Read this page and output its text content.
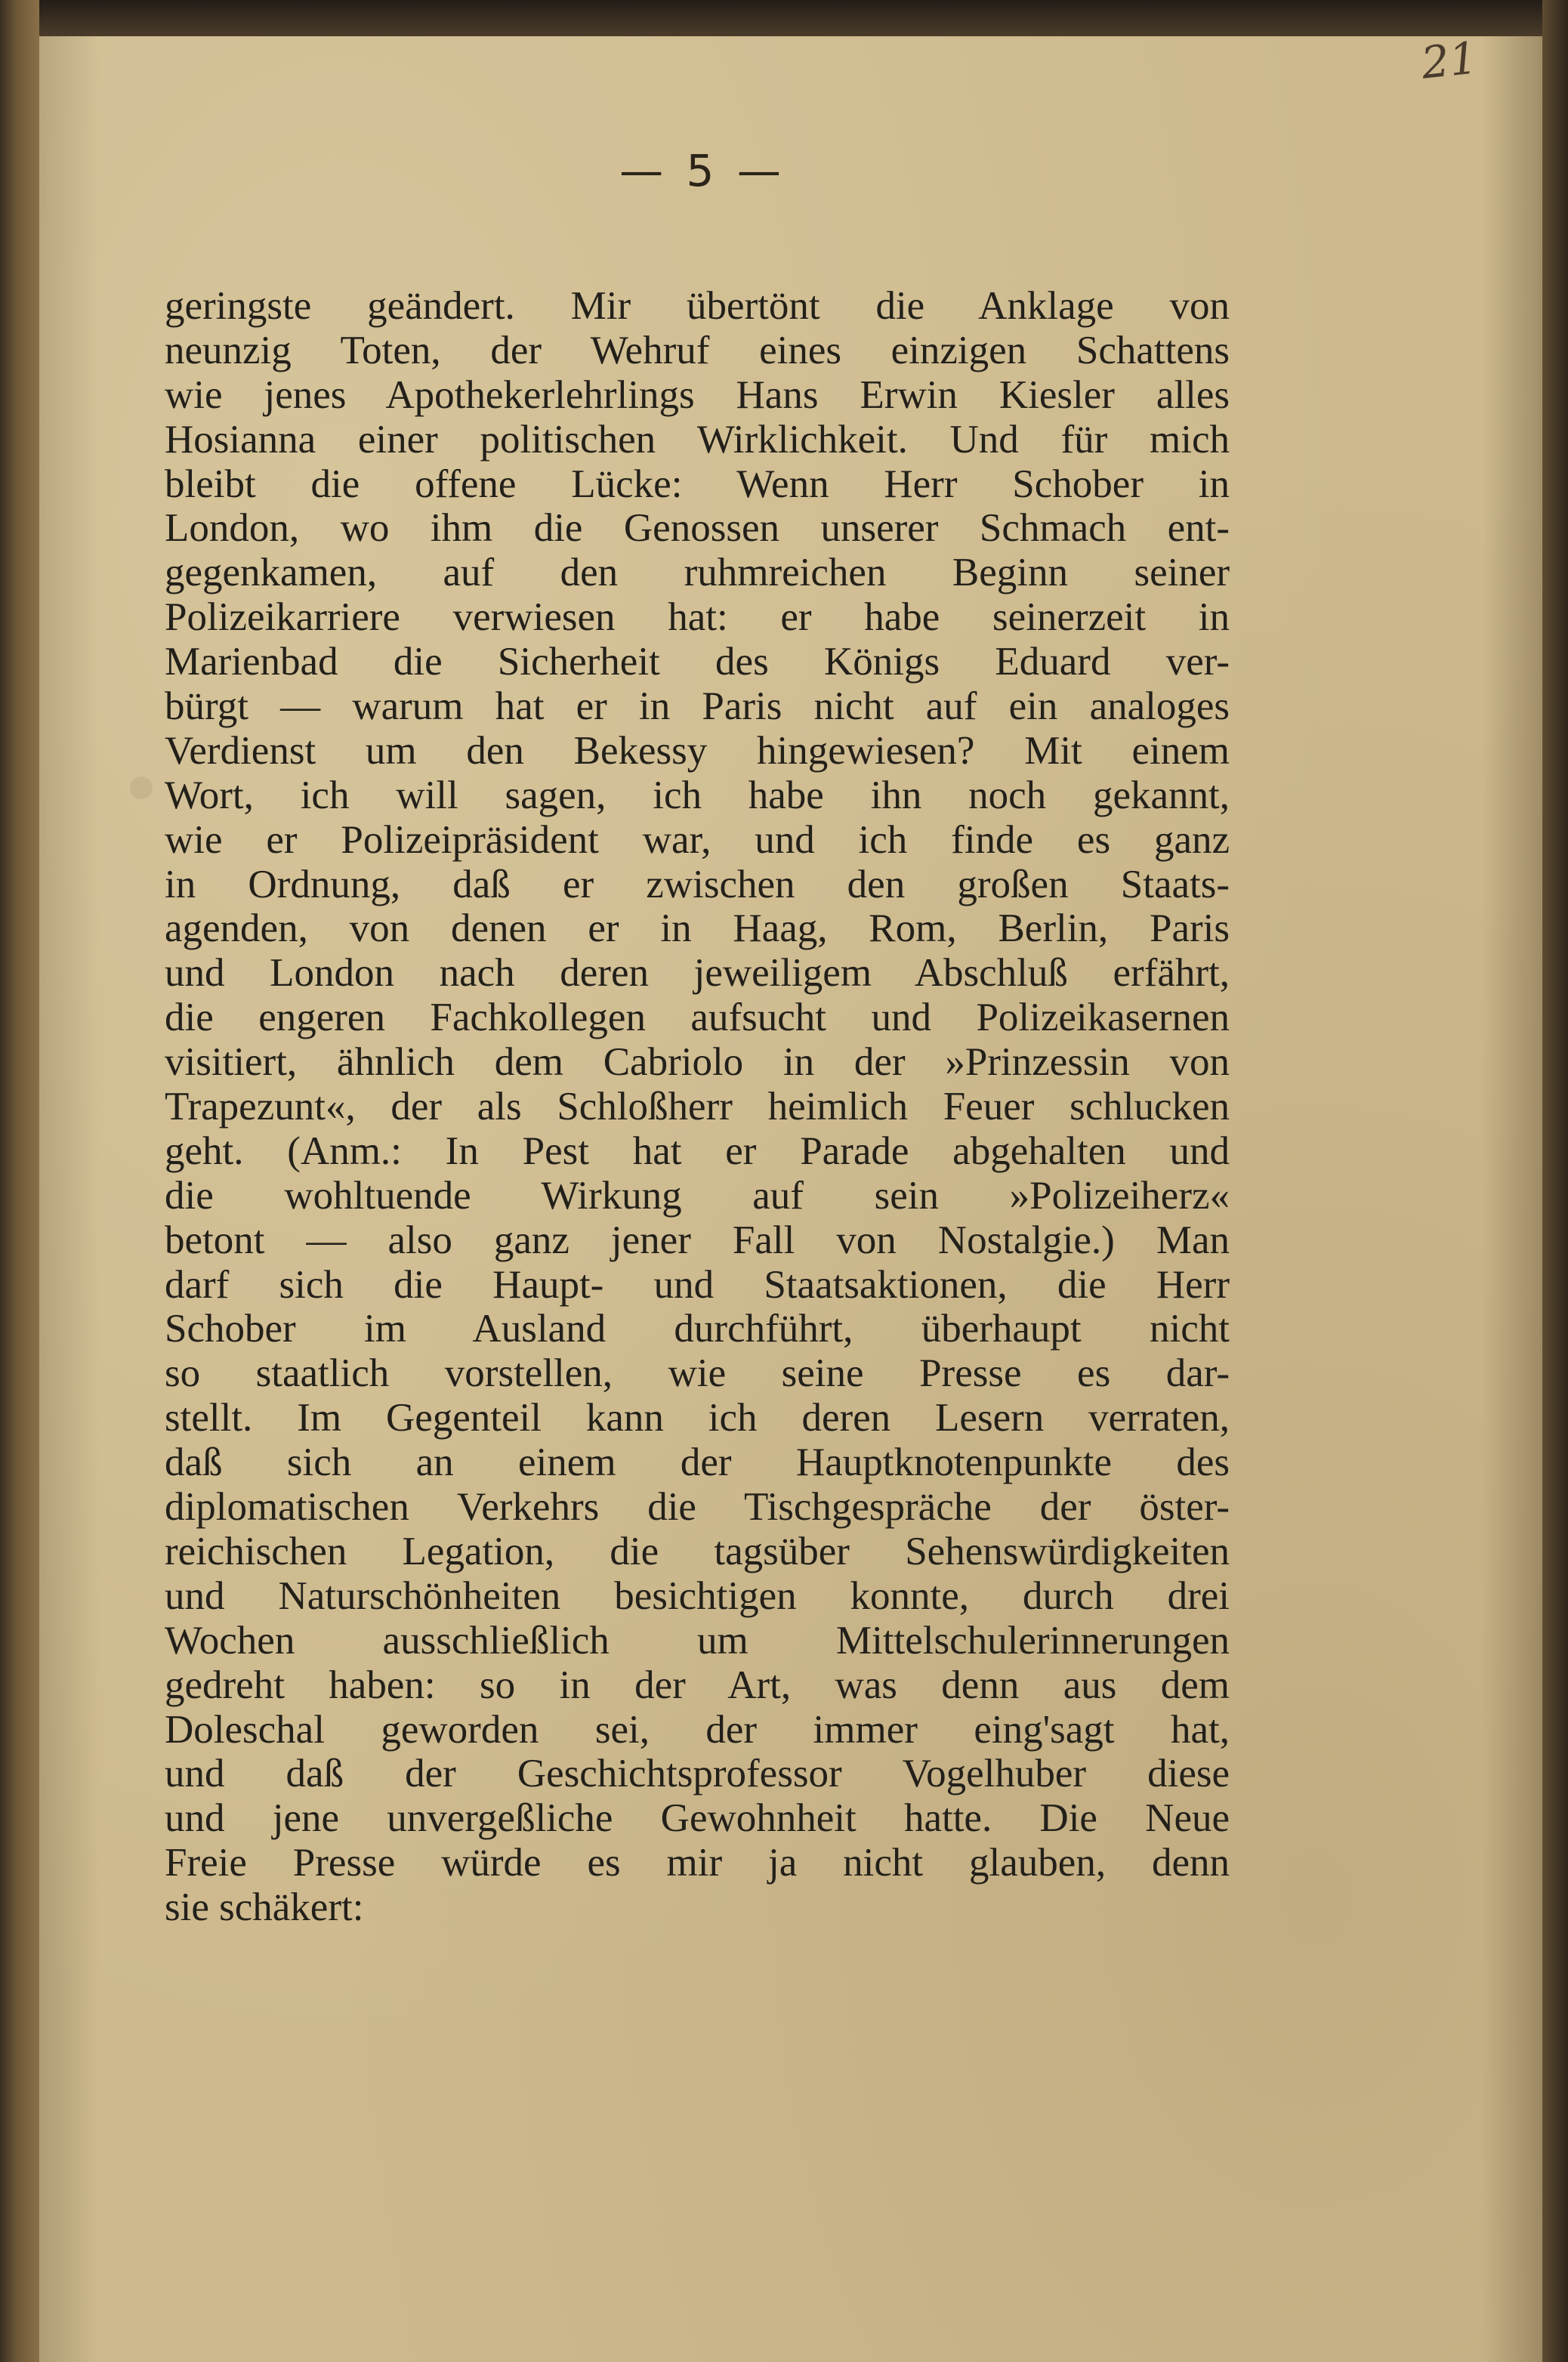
21
— 5 —
geringste geändert. Mir übertönt die Anklage von
neunzig Toten, der Wehruf eines einzigen Schattens
wie jenes Apothekerlehrlings Hans Erwin Kiesler alles
Hosianna einer politischen Wirklichkeit. Und für mich
bleibt die offene Lücke: Wenn Herr Schober in
London, wo ihm die Genossen unserer Schmach ent-
gegenkamen, auf den ruhmreichen Beginn seiner
Polizeikarriere verwiesen hat: er habe seinerzeit in
Marienbad die Sicherheit des Königs Eduard ver-
bürgt — warum hat er in Paris nicht auf ein analoges
Verdienst um den Bekessy hingewiesen? Mit einem
Wort, ich will sagen, ich habe ihn noch gekannt,
wie er Polizeipräsident war, und ich finde es ganz
in Ordnung, daß er zwischen den großen Staats-
agenden, von denen er in Haag, Rom, Berlin, Paris
und London nach deren jeweiligem Abschluß erfährt,
die engeren Fachkollegen aufsucht und Polizeikasernen
visitiert, ähnlich dem Cabriolo in der »Prinzessin von
Trapezunt«, der als Schloßherr heimlich Feuer schlucken
geht. (Anm.: In Pest hat er Parade abgehalten und
die wohltuende Wirkung auf sein »Polizeiherz«
betont — also ganz jener Fall von Nostalgie.) Man
darf sich die Haupt- und Staatsaktionen, die Herr
Schober im Ausland durchführt, überhaupt nicht
so staatlich vorstellen, wie seine Presse es dar-
stellt. Im Gegenteil kann ich deren Lesern verraten,
daß sich an einem der Hauptknotenpunkte des
diplomatischen Verkehrs die Tischgespräche der öster-
reichischen Legation, die tagsüber Sehenswürdigkeiten
und Naturschönheiten besichtigen konnte, durch drei
Wochen ausschließlich um Mittelschulerinnerungen
gedreht haben: so in der Art, was denn aus dem
Doleschal geworden sei, der immer eing'sagt hat,
und daß der Geschichtsprofessor Vogelhuber diese
und jene unvergeßliche Gewohnheit hatte. Die Neue
Freie Presse würde es mir ja nicht glauben, denn
sie schäkert:
